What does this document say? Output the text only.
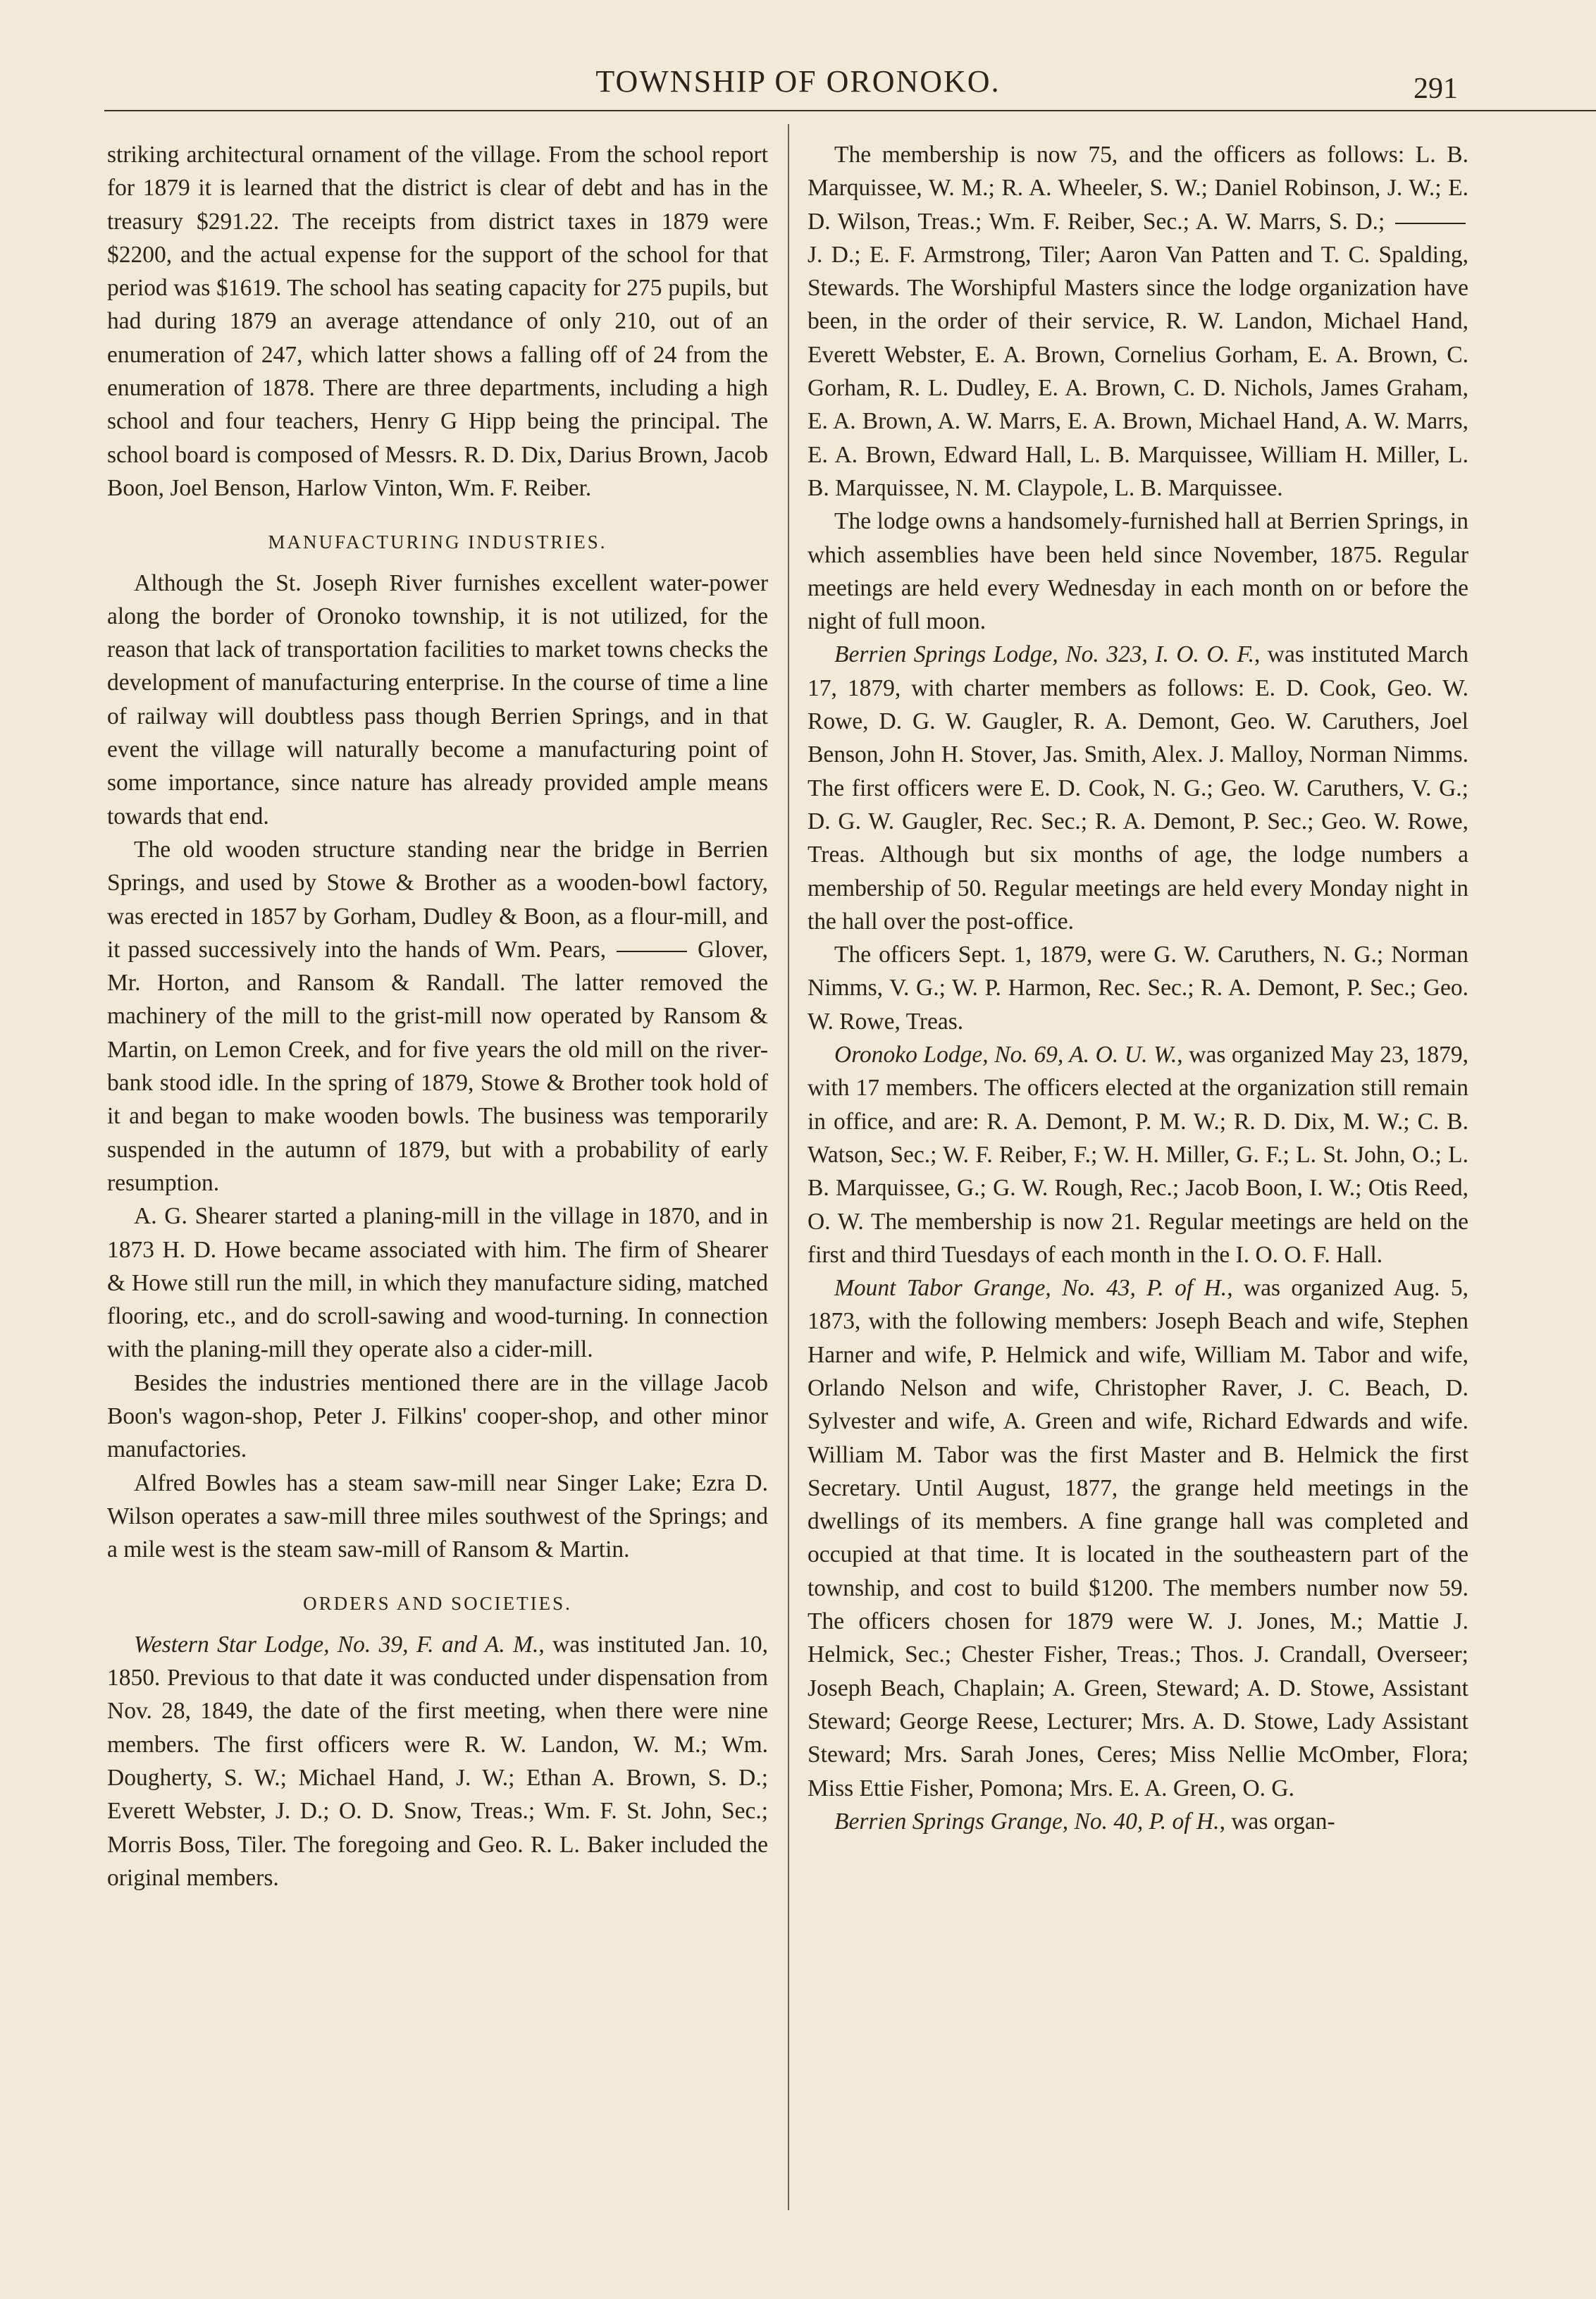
TOWNSHIP OF ORONOKO.	291

striking architectural ornament of the village. From the school report for 1879 it is learned that the district is clear of debt and has in the treasury $291.22. The receipts from district taxes in 1879 were $2200, and the actual expense for the support of the school for that period was $1619. The school has seating capacity for 275 pupils, but had during 1879 an average attendance of only 210, out of an enumeration of 247, which latter shows a falling off of 24 from the enumeration of 1878. There are three departments, including a high school and four teachers, Henry G Hipp being the principal. The school board is composed of Messrs. R. D. Dix, Darius Brown, Jacob Boon, Joel Benson, Harlow Vinton, Wm. F. Reiber.

MANUFACTURING INDUSTRIES.

Although the St. Joseph River furnishes excellent water-power along the border of Oronoko township, it is not utilized, for the reason that lack of transportation facilities to market towns checks the development of manufacturing enterprise. In the course of time a line of railway will doubtless pass though Berrien Springs, and in that event the village will naturally become a manufacturing point of some importance, since nature has already provided ample means towards that end.

The old wooden structure standing near the bridge in Berrien Springs, and used by Stowe & Brother as a wooden-bowl factory, was erected in 1857 by Gorham, Dudley & Boon, as a flour-mill, and it passed successively into the hands of Wm. Pears,	Glover, Mr. Horton, and Ransom & Randall. The latter removed the machinery of the mill to the grist-mill now operated by Ransom & Martin, on Lemon Creek, and for five years the old mill on the river-bank stood idle. In the spring of 1879, Stowe & Brother took hold of it and began to make wooden bowls. The business was temporarily suspended in the autumn of 1879, but with a probability of early resumption.

A. G. Shearer started a planing-mill in the village in 1870, and in 1873 H. D. Howe became associated with him. The firm of Shearer & Howe still run the mill, in which they manufacture siding, matched flooring, etc., and do scroll-sawing and wood-turning. In connection with the planing-mill they operate also a cider-mill.

Besides the industries mentioned there are in the village Jacob Boon's wagon-shop, Peter J. Filkins' cooper-shop, and other minor manufactories.

Alfred Bowles has a steam saw-mill near Singer Lake; Ezra D. Wilson operates a saw-mill three miles southwest of the Springs; and a mile west is the steam saw-mill of Ransom & Martin.

ORDERS AND SOCIETIES.

Western Star Lodge, No. 39, F. and A. M., was instituted Jan. 10, 1850. Previous to that date it was conducted under dispensation from Nov. 28, 1849, the date of the first meeting, when there were nine members. The first officers were R. W. Landon, W. M.; Wm. Dougherty, S. W.; Michael Hand, J. W.; Ethan A. Brown, S. D.; Everett Webster, J. D.; O. D. Snow, Treas.; Wm. F. St. John, Sec.; Morris Boss, Tiler. The foregoing and Geo. R. L. Baker included the original members.

The membership is now 75, and the officers as follows: L. B. Marquissee, W. M.; R. A. Wheeler, S. W.; Daniel Robinson, J. W.; E. D. Wilson, Treas.; Wm. F. Reiber, Sec.; A. W. Marrs, S. D.;  J. D.; E. F. Armstrong, Tiler; Aaron Van Patten and T. C. Spalding, Stewards. The Worshipful Masters since the lodge organization have been, in the order of their service, R. W. Landon, Michael Hand, Everett Webster, E. A. Brown, Cornelius Gorham, E. A. Brown, C. Gorham, R. L. Dudley, E. A. Brown, C. D. Nichols, James Graham, E. A. Brown, A. W. Marrs, E. A. Brown, Michael Hand, A. W. Marrs, E. A. Brown, Edward Hall, L. B. Marquissee, William H. Miller, L. B. Marquissee, N. M. Claypole, L. B. Marquissee.

The lodge owns a handsomely-furnished hall at Berrien Springs, in which assemblies have been held since November, 1875. Regular meetings are held every Wednesday in each month on or before the night of full moon.

Berrien Springs Lodge, No. 323, I. O. O. F., was instituted March 17, 1879, with charter members as follows: E. D. Cook, Geo. W. Rowe, D. G. W. Gaugler, R. A. Demont, Geo. W. Caruthers, Joel Benson, John H. Stover, Jas. Smith, Alex. J. Malloy, Norman Nimms. The first officers were E. D. Cook, N. G.; Geo. W. Caruthers, V. G.; D. G. W. Gaugler, Rec. Sec.; R. A. Demont, P. Sec.; Geo. W. Rowe, Treas. Although but six months of age, the lodge numbers a membership of 50. Regular meetings are held every Monday night in the hall over the post-office.

The officers Sept. 1, 1879, were G. W. Caruthers, N. G.; Norman Nimms, V. G.; W. P. Harmon, Rec. Sec.; R. A. Demont, P. Sec.; Geo. W. Rowe, Treas.

Oronoko Lodge, No. 69, A. O. U. W., was organized May 23, 1879, with 17 members. The officers elected at the organization still remain in office, and are: R. A. Demont, P. M. W.; R. D. Dix, M. W.; C. B. Watson, Sec.; W. F. Reiber, F.; W. H. Miller, G. F.; L. St. John, O.; L. B. Marquissee, G.; G. W. Rough, Rec.; Jacob Boon, I. W.; Otis Reed, O. W. The membership is now 21. Regular meetings are held on the first and third Tuesdays of each month in the I. O. O. F. Hall.

Mount Tabor Grange, No. 43, P. of H., was organized Aug. 5, 1873, with the following members: Joseph Beach and wife, Stephen Harner and wife, P. Helmick and wife, William M. Tabor and wife, Orlando Nelson and wife, Christopher Raver, J. C. Beach, D. Sylvester and wife, A. Green and wife, Richard Edwards and wife. William M. Tabor was the first Master and B. Helmick the first Secretary. Until August, 1877, the grange held meetings in the dwellings of its members. A fine grange hall was completed and occupied at that time. It is located in the southeastern part of the township, and cost to build $1200. The members number now 59. The officers chosen for 1879 were W. J. Jones, M.; Mattie J. Helmick, Sec.; Chester Fisher, Treas.; Thos. J. Crandall, Overseer; Joseph Beach, Chaplain; A. Green, Steward; A. D. Stowe, Assistant Steward; George Reese, Lecturer; Mrs. A. D. Stowe, Lady Assistant Steward; Mrs. Sarah Jones, Ceres; Miss Nellie McOmber, Flora; Miss Ettie Fisher, Pomona; Mrs. E. A. Green, O. G.

Berrien Springs Grange, No. 40, P. of H., was organ-
